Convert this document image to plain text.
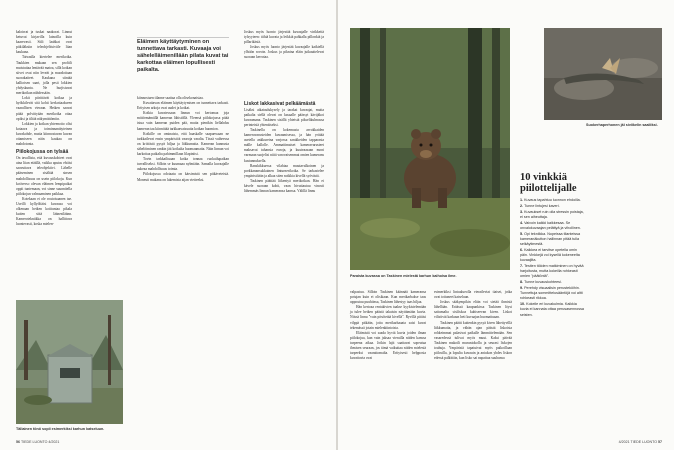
kaloirrat ja tuskat naakorat. Linnut ketuvat kirjavilla lainoilla kuin kaarevasti. Siili laahkat ovat pitkiläksiin teleohjelitsiviile liian kaukana.

Taivaalla kiertelee merikotka. Taukkien mukaan sen profiili muistuttaa lentävää matoa, sillä kotkan siivet ovat niin leveät ja muodottaan suorakaiteet. Kaukana siintää kallioisen saari, jolla pesii lokkien yhdyskunta. Ne hurjistuvat merikotkan nähdessään.

Lokit piirittävät kotkaa ja hyökkilevät sitä kohti kerkottaakseen vaarallisen vieraan. Hetken saavat pitää polvittyään merikotka ottaa opiksi ja tiltää näkymättömiin.

Lokkien ja kotkan yhteenotto olisi kotaava ja toiminnantäyteinen kuvakohde, mutta kiinnostavan kuvan ottamiseen näin kaukaa on mahdotonta.

Piilokojussa on tylsää

On tavallista, että kuvauskohteet ovat aina liian etäällä, vaikka aputas ehtiisi saavuttava teleohjektivi. Lähelle pääseminen sisältää sinsen mahdollisuus on usein piilokoju. Kun kotiverso olevan eläimen lempipaikat oppii tuntemaan, voi sinne suunnitella piilokojun valmaaminen paikkaa.

Kotekaan ei ole routoisaanen tae. Useilli kyllyöltäisi kuvausa voi olkenaan hetken kotituntaa pikala kuiten siitä läänestläänn. Kamerotekniikka on hallittava luontevasti, koska mielen-

Eläimen käyttäytyminen on tunnettava tarkasti. Kuvaaja voi sähelelläimenillään pilata kuvat tai karkottaa eläimen lopullisesti paikalta.

kiinnostuen tilanne saattaa olla olisekonaisiaa.

Kuvattavan eläimen käyttäytymisen on tunnettava tarkasti. Erityisen arkoja ovat uudet ja kotkat.

Kotkia kuvatessaan linnun voi kertomaa joja mittörmämällä kameran lähistöllä. Yleensä piilokojussa pitää istua vain kameran puiden pää, mutta pienikin liellahdus kameran taa kiinnittää tarkkaavaisuutta kotkan huomion.

Kotkille on ominaista, että haaskalle saapuessaan ne tarkkailevat ensin ympäristöä vaaroja varalta. Tässä vaiheessa on kriittistä pysyä hiljaa ja liikkumatta. Kameran kannusta sähelöiminen rankin jää kotkalta huomaamatta. Näin linnun voi karkottaa paikalta pahimmillaan lilapinitsi.

Tovin tarkkailtuaan kotka tonnaa ruokailupaikan turvalliseksi. Silloin se kuumaaa nylmiään. Samalla kuvaajalle aukeaa mahdollisuus toimia.

Piilokojussa odotaatu on kärsimistä sen pitkäveteistä. Moneuti mukana on lukemista aijan vietteeksi.

Joskus myös luonto järjestää kuvaajalle virikkeitä tylsyyteen: tiihiä kuvata ja leikkiä pahkalla pillonkiä ja pillarikäsiä.

Joskus myös luonto järjestää kuvaajalle kaikiellä ylhtiön rovoin. Joskus ja piknina eläin jutkauttelevat suoraan kerrotaa.

Liskot lakkasivat pelkäämästä

Lisäksi aikataulukysely ja tarakat kuvaajat, mutta paikalta siellä olevat on kasaalle päässyt kävijäkoi kuvaamana. Taskinen sisällä yhteistä pikselikulmassa perinteisiä yhtenäiseksi.

Taskinella on kokemusta arvokkaiden kameravarusteiden kuvaamisessa, ja hän yrittää asetella ankkureina varjossa sarakkeiden tapparasta mälle kallolle. Ammattimaiset kameravarusteet maksavat tuhansia euroja, ja kuuteaasaan moni varmaan suojelisi niitä varovaisemmat omien kamerans kustannuksella.

Ranskikkuessa vilahtaa muutavalkoinen ja porkkanansukkainen linturnerikotka. Se tarkastelee ympäristöään ja alkaa siten noikkia kivellä syövästä.

Taskinen päättää liikentyä merikotkan. Hän ei kävele suoraan kohti, vaan hivuttautuu vinosti lähemmäs linnun kameransa kanssa. Välillä linnu

Tällainen tönö sopii esimerkiksi karhun katseluun.
56 TIEDE LUONTO 4/2021
Paraista kuvassa on Taskinen mielestä karhun kaihoisa ilme.
Suokerhaperhonen jäi siviikelin saaliiksi.

valpastuu. Silloin Taskinen käännää kameransa potujan kuin ei olisikaan. Kun merikarhakse taas uppoutuu puuhiinsa, Taskinen lähestyy taas hiljaa.

Hän kertoaa rentakivien taakse kyykistelemään ja tulee hetken päästä takaisin näyttämään kuvia. Niissä linnu "vain pösötetää kivellä". Ryvillä pitäisi vilppä pitkään, jotta merikarhaaata saisi kuvat tekemässä jotain mielenkiintoista.

Eläimistä voi saada hyviä kuvia joiden ilman piilokojua, kun vain jaksaa vierailla niiden kanssa turpeena aikaa. Jotkin lajit saattavat sopeutua ihmisen seuraan, jos tämä vaikuttaa niiden mielestä tarpeeksi vaarattomalta. Erityisesti helpposia kuvattavia ovat

esimerkiksi lintualueolla vieraileviat tiaiset, jotka ovat tottuneet katseluun.

Joskus sääkympikin eläin voi sietää ihmistä lähellään. Eräässä kaupunkissa Taskinen löysi sattumalta sisiliskoa kuhiseevan kiven. Liskot vilistivät karkuun heti kuvaajan huomattuaan.

Taskinen päätti kuitenkin pysyä kiven lähettyvillä liikkumatta, ja vähän ajan päästä liskoista rohkeimmat palasivat paikalle lämmittelemään. Sen vasaredessä tulivat myös muut. Kaksi päivää Taskinen makoili muruniokolla ja seurasi liskojen touhuja. Ympäristä tapatuivat myös paikoillaan piilosilla, ja lopulta kuvauin ja aniukon yhdes liskon edessä palkittiin, kun lisko sai napattua suuhunsa

10 vinkkiä piilottelijalle

1.Kuvaus tapahtuu luonnon ehdoilla.

2.Tunne lintujesi kaveri.

3.Kuvaukset ruin olla stressin poistaja, ei sen aiheuttaja.

4.Vaivoin kaikki kaikkesaa. Se onvalokuvaajan pelättyä ja vihollinen.

5.Opi tekniikka. Nopeissa tilanteissa kameranäkutton hallinnan pitää tulla selkäytimestä.

6.Kaikkea ei tarvitse opetella omin päin. Vinkkejä voi kysellä kokeneelta kuvaajilta.

7.Testien tiöiden matkiminen on hyvää harjoitusta, mutta kokeilla rohkeasti omien "päätöntä".

8.Tunne kuvauskohteesi.

9.Perehdy visuaalisin perusteköihin. Tunnettuja sommittelusääntöjä voi altti rohkeasti rikkoa.

10.Kokeile eri kuvakulmia. Kaikkia kuvia ei kannata ottaa perusasennossa seisten.

4/2021 TIEDE LUONTO 57
